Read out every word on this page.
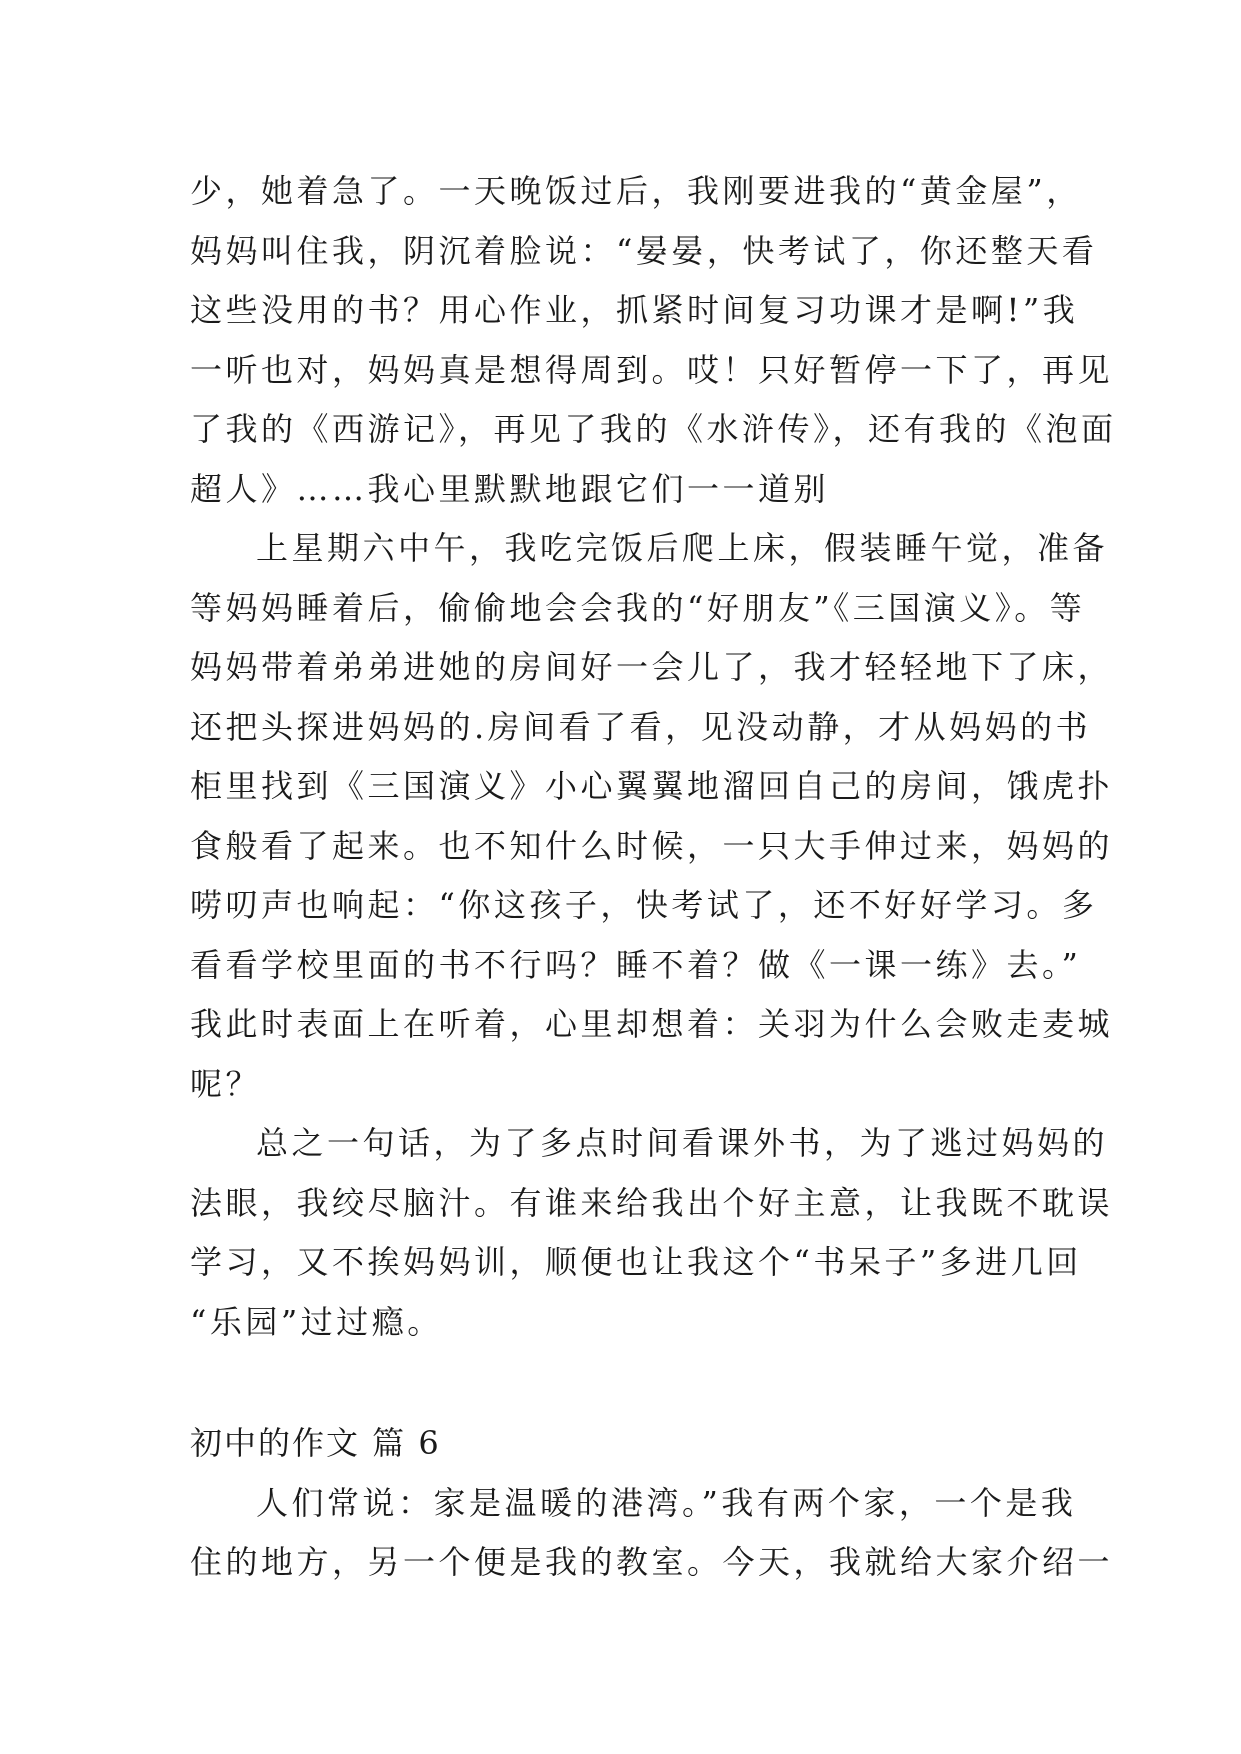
少，她着急了。一天晚饭过后，我刚要进我的“黄金屋”，
妈妈叫住我，阴沉着脸说：“晏晏，快考试了，你还整天看
这些没用的书？用心作业，抓紧时间复习功课才是啊!”我
一听也对，妈妈真是想得周到。哎！只好暂停一下了，再见
了我的《西游记》，再见了我的《水浒传》，还有我的《泡面
超人》……我心里默默地跟它们一一道别
上星期六中午，我吃完饭后爬上床，假装睡午觉，准备
等妈妈睡着后，偷偷地会会我的“好朋友”《三国演义》。等
妈妈带着弟弟进她的房间好一会儿了，我才轻轻地下了床，
还把头探进妈妈的.房间看了看，见没动静，才从妈妈的书
柜里找到《三国演义》小心翼翼地溜回自己的房间，饿虎扑
食般看了起来。也不知什么时候，一只大手伸过来，妈妈的
唠叨声也响起：“你这孩子，快考试了，还不好好学习。多
看看学校里面的书不行吗？睡不着？做《一课一练》去。”
我此时表面上在听着，心里却想着：关羽为什么会败走麦城
呢？
总之一句话，为了多点时间看课外书，为了逃过妈妈的
法眼，我绞尽脑汁。有谁来给我出个好主意，让我既不耽误
学习，又不挨妈妈训，顺便也让我这个“书呆子”多进几回
“乐园”过过瘾。
初中的作文 篇 6
人们常说：家是温暖的港湾。”我有两个家，一个是我
住的地方，另一个便是我的教室。今天，我就给大家介绍一
